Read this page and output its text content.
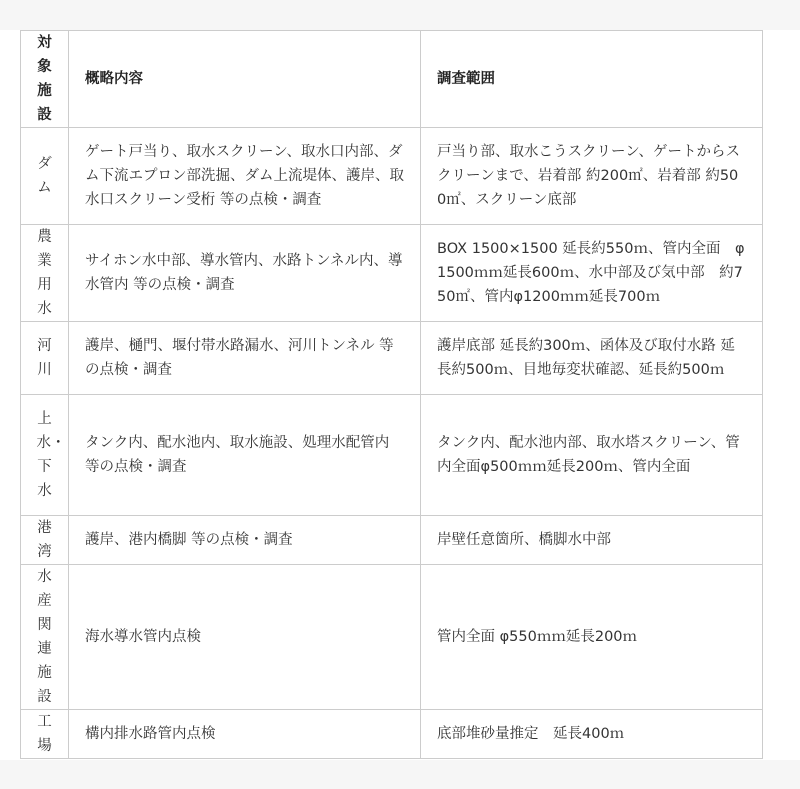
対象施設	概略内容	調査範囲

ダム	ゲート戸当り、取水スクリーン、取水口内部、ダム下流エプロン部洗掘、ダム上流堤体、護岸、取水口スクリーン受桁 等の点検・調査	戸当り部、取水こうスクリーン、ゲートからスクリーンまで、岩着部 約200㎡、岩着部 約500㎡、スクリーン底部

農業用水	サイホン水中部、導水管内、水路トンネル内、導水管内 等の点検・調査	BOX 1500×1500 延長約550ｍ、管内全面　φ1500ｍｍ延長600ｍ、水中部及び気中部　約750㎡、管内φ1200ｍｍ延長700ｍ

河川	護岸、樋門、堰付帯水路漏水、河川トンネル 等の点検・調査	護岸底部 延長約300ｍ、函体及び取付水路 延長約500ｍ、目地毎変状確認、延長約500ｍ

上水・下水	タンク内、配水池内、取水施設、処理水配管内 等の点検・調査	タンク内、配水池内部、取水塔スクリーン、管内全面φ500ｍｍ延長200ｍ、管内全面

港湾	護岸、港内橋脚 等の点検・調査	岸壁任意箇所、橋脚水中部

水産関連施設	海水導水管内点検	管内全面 φ550ｍｍ延長200ｍ

工場	構内排水路管内点検	底部堆砂量推定　延長400ｍ
